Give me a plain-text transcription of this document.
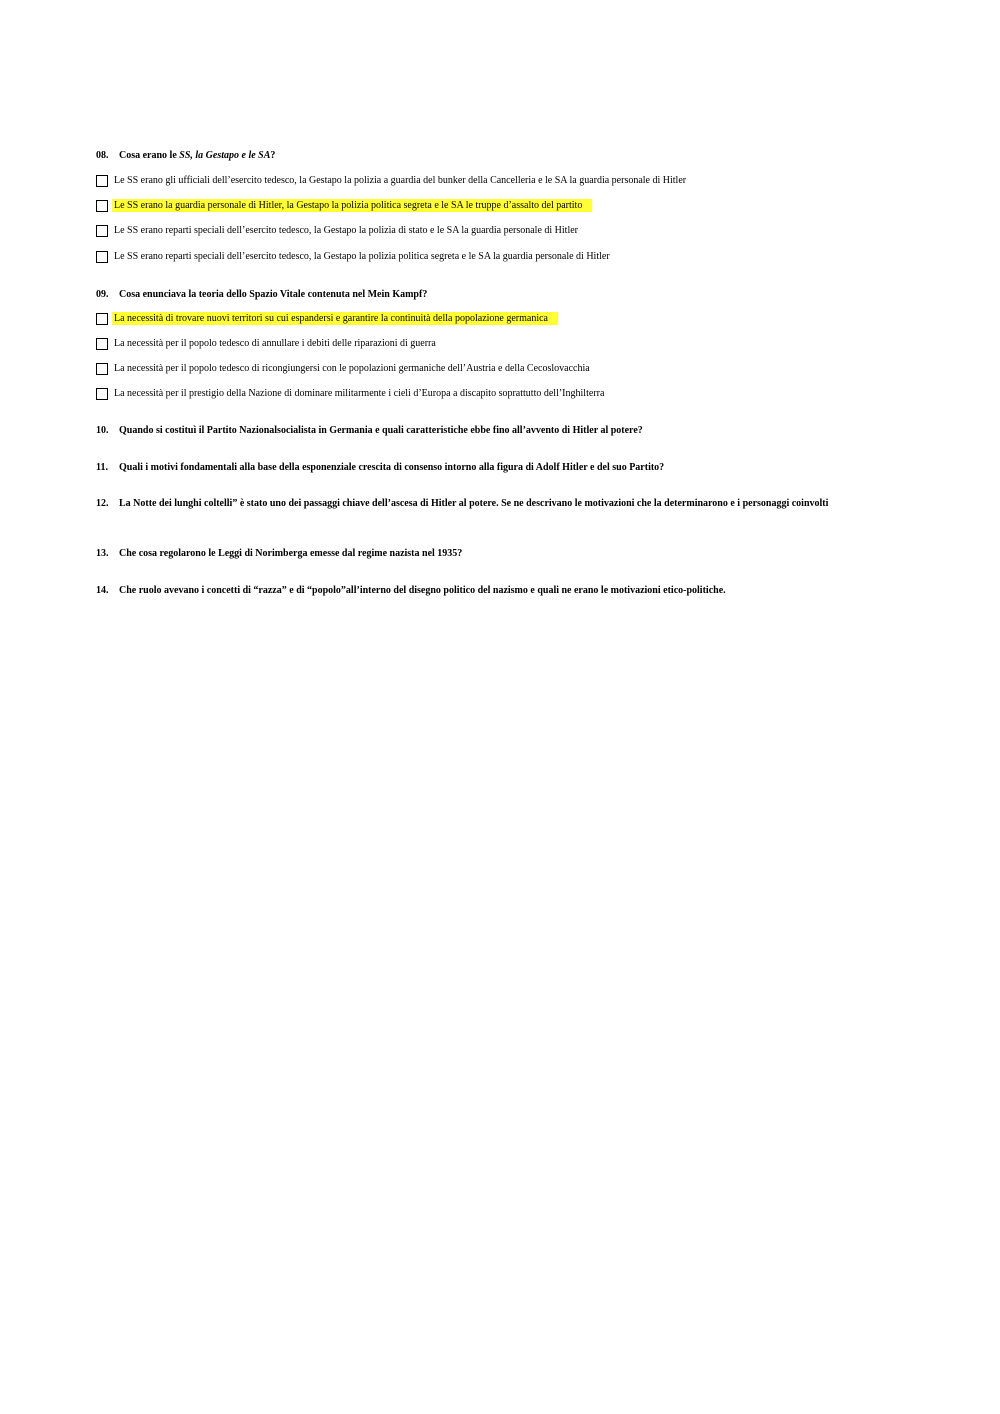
08. Cosa erano le SS, la Gestapo e le SA?
Le SS erano gli ufficiali dell’esercito tedesco, la Gestapo la polizia a guardia del bunker della Cancelleria e le SA la guardia personale di Hitler
Le SS erano la guardia personale di Hitler, la Gestapo la polizia politica segreta e le SA le truppe d’assalto del partito
Le SS erano reparti speciali dell’esercito tedesco, la Gestapo la polizia di stato e le SA la guardia personale di Hitler
Le SS erano reparti speciali dell’esercito tedesco, la Gestapo la polizia politica segreta e le SA la guardia personale di Hitler
09. Cosa enunciava la teoria dello Spazio Vitale contenuta nel Mein Kampf?
La necessità di trovare nuovi territori su cui espandersi e garantire la continuità della popolazione germanica
La necessità per il popolo tedesco di annullare i debiti delle riparazioni di guerra
La necessità per il popolo tedesco di ricongiungersi con le popolazioni germaniche dell’Austria e della Cecoslovacchia
La necessità per il prestigio della Nazione di dominare militarmente i cieli d’Europa a discapito soprattutto dell’Inghilterra
10. Quando si costituì il Partito Nazionalsocialista in Germania e quali caratteristiche ebbe fino all’avvento di Hitler al potere?
11. Quali i motivi fondamentali alla base della esponenziale crescita di consenso intorno alla figura di Adolf Hitler e del suo Partito?
12. La Notte dei lunghi coltelli” è stato uno dei passaggi chiave dell’ascesa di Hitler al potere. Se ne descrivano le motivazioni che la determinarono e i personaggi coinvolti
13. Che cosa regolarono le Leggi di Norimberga emesse dal regime nazista nel 1935?
14. Che ruolo avevano i concetti di “razza” e di “popolo”all’interno del disegno politico del nazismo e quali ne erano le motivazioni etico-politiche.
